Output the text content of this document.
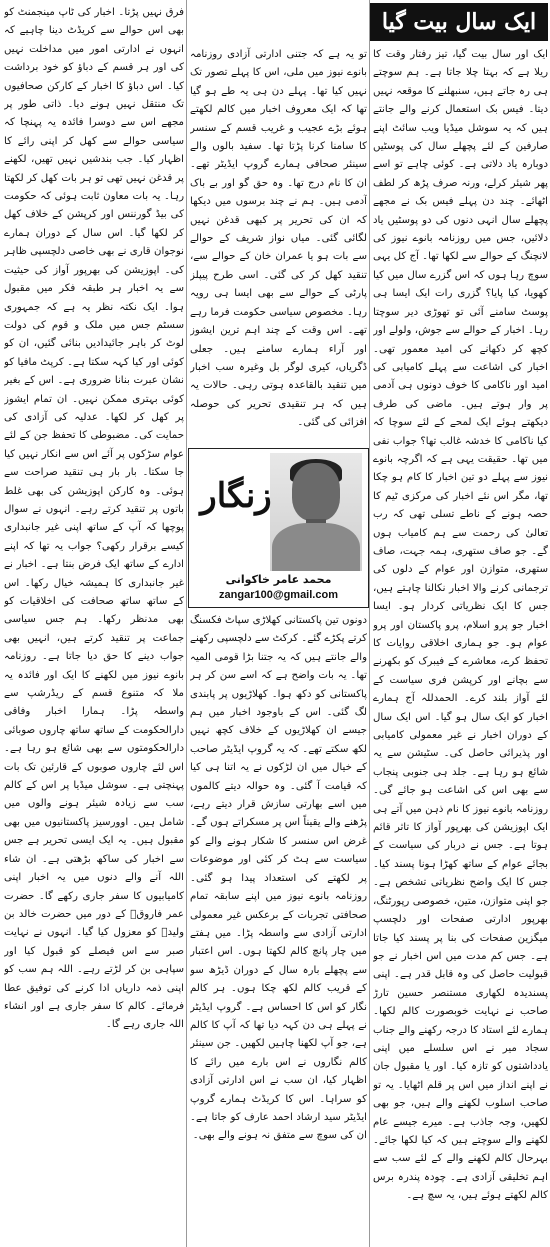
ایک سال بیت گیا
ایک اور سال بیت گیا، تیز رفتار وقت کا ریلا ہے کہ بہتا چلا جاتا ہے۔ ہم سوچتے ہی رہ جاتے ہیں، سنبھلنے کا موقعہ نہیں دیتا۔ فیس بک استعمال کرنے والے جانتے ہیں کہ یہ سوشل میڈیا ویب سائٹ اپنے صارفین کے لئے پچھلے سال کی پوسٹیں دوبارہ یاد دلاتی ہے۔ کوئی چاہے تو اسے پھر شیئر کرلے، ورنہ صرف پڑھ کر لطف اٹھائے۔ چند دن پہلے فیس بک نے مجھے پچھلے سال انہی دنوں کی دو پوسٹیں یاد دلائیں، جس میں روزنامہ بانوے نیوز کی لانچنگ کے حوالے سے لکھا تھا۔ آج کل یہی سوچ رہا ہوں کہ اس گزرے سال میں کیا کھویا، کیا پایا؟ گزری رات ایک ایسا ہی پوسٹ سامنے آئی تو تھوڑی دیر سوچتا رہا۔ اخبار کے حوالے سے جوش، ولولے اور کچھ کر دکھانے کی امید معمور تھی۔ اخبار کی اشاعت سے پہلے کامیابی کی امید اور ناکامی کا خوف دونوں ہی آدمی پر وار ہوتے ہیں۔ ماضی کی طرف دیکھتے ہوئے ایک لمحے کے لئے سوچا کہ کیا ناکامی کا خدشہ غالب تھا؟ جواب نفی میں تھا۔ حقیقت یہی ہے کہ اگرچہ بانوے نیوز سے پہلے دو تین اخبار کا کام ہو چکا تھا، مگر اس نئے اخبار کی مرکزی ٹیم کا حصہ ہونے کے ناطے تسلی تھی کہ رب تعالیٰ کی رحمت سے ہم کامیاب ہوں گے۔ جو صاف ستھری، ہمہ جہت، صاف ستھری، متوازن اور عوام کے دلوں کی ترجمانی کرنے والا اخبار نکالنا چاہتے ہیں، جس کا ایک نظریاتی کردار ہو۔ ایسا اخبار جو پرو اسلام، پرو پاکستان اور پرو عوام ہو۔ جو ہماری اخلاقی روایات کا تحفظ کرے، معاشرے کے فیبرک کو بکھرنے سے بچانے اور کرپشن فری سیاست کے لئے آواز بلند کرے۔ الحمدللہ آج ہمارے اخبار کو ایک سال ہو گیا۔ اس ایک سال کے دوران اخبار نے غیر معمولی کامیابی اور پذیرائی حاصل کی۔ سٹیشن سے یہ شائع ہو رہا ہے۔ جلد ہی جنوبی پنجاب سے بھی اس کی اشاعت ہو جائے گی۔ روزنامہ بانوے نیوز کا نام ذہن میں آتے ہی ایک اپوزیشن کی بھرپور آواز کا تاثر قائم ہوتا ہے۔ جس نے دربار کی سیاست کے بجائے عوام کے ساتھ کھڑا ہونا پسند کیا۔ جس کا ایک واضح نظریاتی تشخص ہے۔ جو اپنی متوازن، متین، خصوصی رپورٹنگ، بھرپور ادارتی صفحات اور دلچسپ میگزین صفحات کی بنا پر پسند کیا جاتا ہے۔ جس کم مدت میں اس اخبار نے جو قبولیت حاصل کی وہ قابل قدر ہے۔ اپنی پسندیدہ لکھاری مستنصر حسین تارڑ صاحب نے نہایت خوبصورت کالم لکھا۔ ہمارے لئے استاد کا درجہ رکھنے والے جناب سجاد میر نے اس سلسلے میں اپنی یادداشتوں کو تازہ کیا۔ اور یا مقبول جان نے اپنے انداز میں اس پر قلم اٹھایا۔ یہ تو صاحب اسلوب لکھنے والے ہیں، جو بھی لکھیں، وجہ جاذب ہے۔ میرے جیسے عام لکھنے والے سوچتے ہیں کہ کیا لکھا جائے۔ بہرحال کالم لکھنے والے کے لئے سب سے اہم تخلیقی آزادی ہے۔ چودہ پندرہ برس کالم لکھتے ہوئے ہیں، یہ سچ ہے۔
تو یہ ہے کہ جتنی ادارتی آزادی روزنامہ بانوے نیوز میں ملی، اس کا پہلے تصور تک نہیں کیا تھا۔ پہلے دن ہی یہ طے ہو گیا تھا کہ ایک معروف اخبار میں کالم لکھتے ہوئے بڑے عجیب و غریب قسم کے سنسر کا سامنا کرنا پڑتا تھا۔ سفید بالوں والے سینئر صحافی ہمارے گروپ ایڈیٹر تھے۔ ان کا نام درج تھا۔ وہ حق گو اور بے باک آدمی ہیں۔ ہم نے چند برسوں میں دیکھا کہ ان کی تحریر پر کبھی قدغن نہیں لگائی گئی۔ میاں نواز شریف کے حوالے سے بات ہو یا عمران خان کے حوالے سے، تنقید کھل کر کی گئی۔ اسی طرح پیپلز پارٹی کے حوالے سے بھی ایسا ہی رویہ رہا۔ مخصوص سیاسی حکومت فرما رہے تھے۔ اس وقت کے چند اہم ترین ایشوز اور آراء ہمارے سامنے ہیں۔ جعلی ڈگریاں، کیری لوگر بل وغیرہ سب اخبار میں تنقید بالقاعدہ ہوتی رہی۔ حالات یہ ہیں کہ ہر تنقیدی تحریر کی حوصلہ افزائی کی گئی۔
زنگار
محمد عامر خاکوانی
zangar100@gmail.com
دونوں تین پاکستانی کھلاڑی سپاٹ فکسنگ کرتے پکڑے گئے۔ کرکٹ سے دلچسپی رکھنے والے جانتے ہیں کہ یہ جتنا بڑا قومی المیہ تھا۔ یہ بات واضح ہے کہ اسے سن کر ہر پاکستانی کو دکھ ہوا۔ کھلاڑیوں پر پابندی لگ گئی۔ اس کے باوجود اخبار میں ہم جیسے ان کھلاڑیوں کے خلاف کچھ نہیں لکھ سکتے تھے۔ کہ یہ گروپ ایڈیٹر صاحب کے خیال میں ان لڑکوں نے یہ اتنا ہی کیا کہ قیامت آ گئی۔ وہ حوالہ دیتے کالموں میں اسے بھارتی سازش قرار دیتے رہے، پڑھنے والے یقیناً اس پر مسکراتے ہوں گے۔ غرض اس سنسر کا شکار ہونے والے کو سیاست سے ہٹ کر کئی اور موضوعات پر لکھتے کی استعداد پیدا ہو گئی۔ روزنامہ بانوے نیوز میں اپنے سابقہ تمام صحافتی تجربات کے برعکس غیر معمولی ادارتی آزادی سے واسطہ پڑا۔ میں ہفتے میں چار پانچ کالم لکھتا ہوں۔ اس اعتبار سے پچھلے بارہ سال کے دوران ڈیڑھ سو کے قریب کالم لکھ چکا ہوں۔ ہر کالم نگار کو اس کا احساس ہے۔ گروپ ایڈیٹر نے پہلے ہی دن کہہ دیا تھا کہ آپ کا کالم ہے، جو آپ لکھنا چاہیں لکھیں۔ جن سینئر کالم نگاروں نے اس بارے میں رائے کا اظہار کیا، ان سب نے اس ادارتی آزادی کو سراہا۔ اس کا کریڈٹ ہمارے گروپ ایڈیٹر سید ارشاد احمد عارف کو جاتا ہے۔ ان کی سوچ سے متفق نہ ہونے والے بھی۔
فرق نہیں پڑتا۔ اخبار کی ٹاپ مینجمنٹ کو بھی اس حوالے سے کریڈٹ دینا چاہیے کہ انہوں نے ادارتی امور میں مداخلت نہیں کی اور ہر قسم کے دباؤ کو خود برداشت کیا۔ اس دباؤ کا اخبار کے کارکن صحافیوں تک منتقل نہیں ہونے دیا۔ ذاتی طور پر مجھے اس سے دوسرا فائدہ یہ پہنچا کہ سیاسی حوالے سے کھل کر اپنی رائے کا اظہار کیا۔ جب بندشیں نہیں تھیں، لکھنے پر قدغن نہیں تھی تو ہر بات کھل کر لکھتا رہا۔ یہ بات معاون ثابت ہوئی کہ حکومت کی بیڈ گورننس اور کرپشن کے خلاف کھل کر لکھا گیا۔ اس سال کے دوران ہمارے نوجوان قاری نے بھی خاصی دلچسپی ظاہر کی۔ اپوزیشن کی بھرپور آواز کی حیثیت سے یہ اخبار ہر طبقہ فکر میں مقبول ہوا۔ ایک نکتہ نظر یہ ہے کہ جمہوری سسٹم جس میں ملک و قوم کی دولت لوٹ کر باہر جائیدادیں بنائی گئیں، ان کو کوئی اور کیا کہہ سکتا ہے۔ کرپٹ مافیا کو نشان عبرت بنانا ضروری ہے۔ اس کے بغیر کوئی بہتری ممکن نہیں۔ ان تمام ایشوز پر کھل کر لکھا۔ عدلیہ کی آزادی کی حمایت کی۔ مضبوطی کا تحفظ جن کے لئے عوام سڑکوں پر آئے اس سے انکار نہیں کیا جا سکتا۔ بار بار ہی تنقید صراحت سے ہوئی۔ وہ کارکن اپوزیشن کی بھی غلط باتوں پر تنقید کرتے رہے۔ انہوں نے سوال پوچھا کہ آپ کے ساتھ اپنی غیر جانبداری کیسے برقرار رکھی؟ جواب یہ تھا کہ اپنے ادارے کے ساتھ ایک فرض بنتا ہے۔ اخبار نے غیر جانبداری کا ہمیشہ خیال رکھا۔ اس کے ساتھ ساتھ صحافت کی اخلاقیات کو بھی مدنظر رکھا۔ ہم جس سیاسی جماعت پر تنقید کرتے ہیں، انہیں بھی جواب دینے کا حق دیا جاتا ہے۔ روزنامہ بانوے نیوز میں لکھنے کا ایک اور فائدہ یہ ملا کہ متنوع قسم کے ریڈرشپ سے واسطہ پڑا۔ ہمارا اخبار وفاقی دارالحکومت کے ساتھ ساتھ چاروں صوبائی دارالحکومتوں سے بھی شائع ہو رہا ہے۔ اس لئے چاروں صوبوں کے قارئین تک بات پہنچتی ہے۔ سوشل میڈیا پر اس کے کالم سب سے زیادہ شیئر ہونے والوں میں شامل ہیں۔ اوورسیز پاکستانیوں میں بھی مقبول ہیں۔ یہ ایک ایسی تحریر ہے جس سے اخبار کی ساکھ بڑھتی ہے۔ ان شاء اللہ آنے والے دنوں میں یہ اخبار اپنی کامیابیوں کا سفر جاری رکھے گا۔ حضرت عمر فاروقؓ کے دور میں حضرت خالد بن ولیدؓ کو معزول کیا گیا۔ انہوں نے نہایت صبر سے اس فیصلے کو قبول کیا اور سپاہی بن کر لڑتے رہے۔ اللہ ہم سب کو اپنی ذمہ داریاں ادا کرنے کی توفیق عطا فرمائے۔ کالم کا سفر جاری ہے اور انشاء اللہ جاری رہے گا۔
